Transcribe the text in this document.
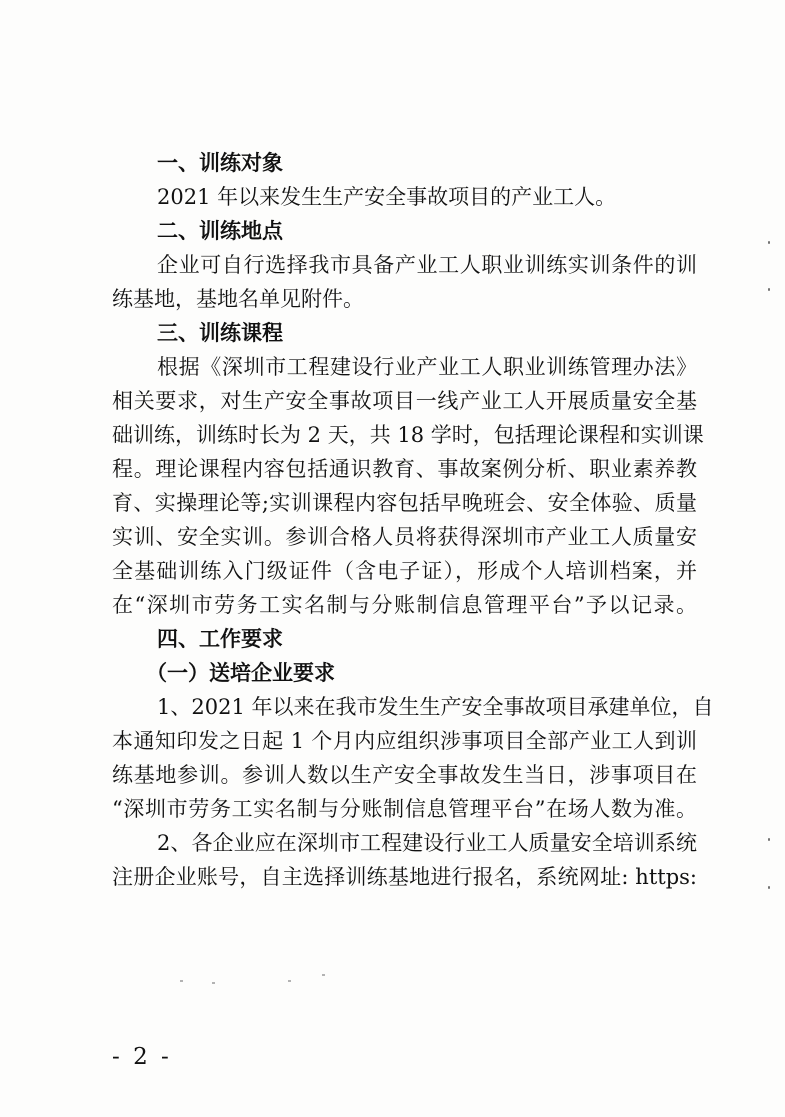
一、训练对象
2021 年以来发生生产安全事故项目的产业工人。
二、训练地点
企业可自行选择我市具备产业工人职业训练实训条件的训
练基地，基地名单见附件。
三、训练课程
根据《深圳市工程建设行业产业工人职业训练管理办法》
相关要求，对生产安全事故项目一线产业工人开展质量安全基
础训练，训练时长为 2 天，共 18 学时，包括理论课程和实训课
程。理论课程内容包括通识教育、事故案例分析、职业素养教
育、实操理论等;实训课程内容包括早晚班会、安全体验、质量
实训、安全实训。参训合格人员将获得深圳市产业工人质量安
全基础训练入门级证件（含电子证），形成个人培训档案，并
在“深圳市劳务工实名制与分账制信息管理平台”予以记录。
四、工作要求
（一）送培企业要求
1、2021 年以来在我市发生生产安全事故项目承建单位，自
本通知印发之日起 1 个月内应组织涉事项目全部产业工人到训
练基地参训。参训人数以生产安全事故发生当日，涉事项目在
“深圳市劳务工实名制与分账制信息管理平台”在场人数为准。
2、各企业应在深圳市工程建设行业工人质量安全培训系统
注册企业账号，自主选择训练基地进行报名，系统网址: https:
- 2 -
